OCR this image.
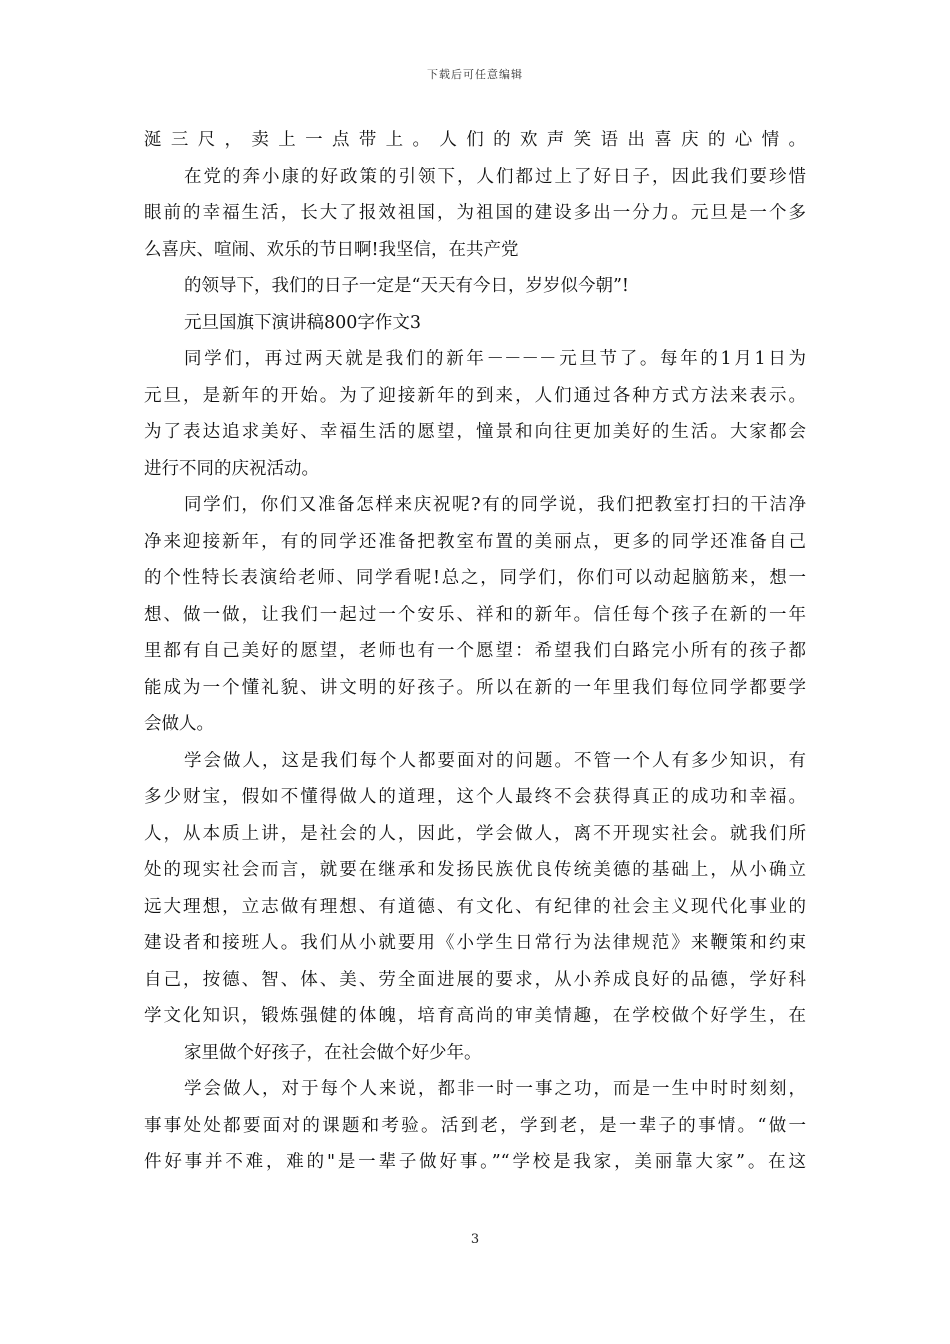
下载后可任意编辑
涎三尺，卖上一点带上。人们的欢声笑语出喜庆的心情。
在党的奔小康的好政策的引领下，人们都过上了好日子，因此我们要珍惜
眼前的幸福生活，长大了报效祖国，为祖国的建设多出一分力。元旦是一个多
么喜庆、喧闹、欢乐的节日啊!我坚信，在共产党
的领导下，我们的日子一定是“天天有今日，岁岁似今朝”!
元旦国旗下演讲稿800字作文3
同学们，再过两天就是我们的新年－－－－元旦节了。每年的1月1日为
元旦，是新年的开始。为了迎接新年的到来，人们通过各种方式方法来表示。
为了表达追求美好、幸福生活的愿望，憧景和向往更加美好的生活。大家都会
进行不同的庆祝活动。
同学们，你们又准备怎样来庆祝呢?有的同学说，我们把教室打扫的干洁净
净来迎接新年，有的同学还准备把教室布置的美丽点，更多的同学还准备自己
的个性特长表演给老师、同学看呢!总之，同学们，你们可以动起脑筋来，想一
想、做一做，让我们一起过一个安乐、祥和的新年。信任每个孩子在新的一年
里都有自己美好的愿望，老师也有一个愿望：希望我们白路完小所有的孩子都
能成为一个懂礼貌、讲文明的好孩子。所以在新的一年里我们每位同学都要学
会做人。
学会做人，这是我们每个人都要面对的问题。不管一个人有多少知识，有
多少财宝，假如不懂得做人的道理，这个人最终不会获得真正的成功和幸福。
人，从本质上讲，是社会的人，因此，学会做人，离不开现实社会。就我们所
处的现实社会而言，就要在继承和发扬民族优良传统美德的基础上，从小确立
远大理想，立志做有理想、有道德、有文化、有纪律的社会主义现代化事业的
建设者和接班人。我们从小就要用《小学生日常行为法律规范》来鞭策和约束
自己，按德、智、体、美、劳全面进展的要求，从小养成良好的品德，学好科
学文化知识，锻炼强健的体魄，培育高尚的审美情趣，在学校做个好学生，在
家里做个好孩子，在社会做个好少年。
学会做人，对于每个人来说，都非一时一事之功，而是一生中时时刻刻，
事事处处都要面对的课题和考验。活到老，学到老，是一辈子的事情。“做一
件好事并不难，难的"是一辈子做好事。”“学校是我家，美丽靠大家”。在这
3
